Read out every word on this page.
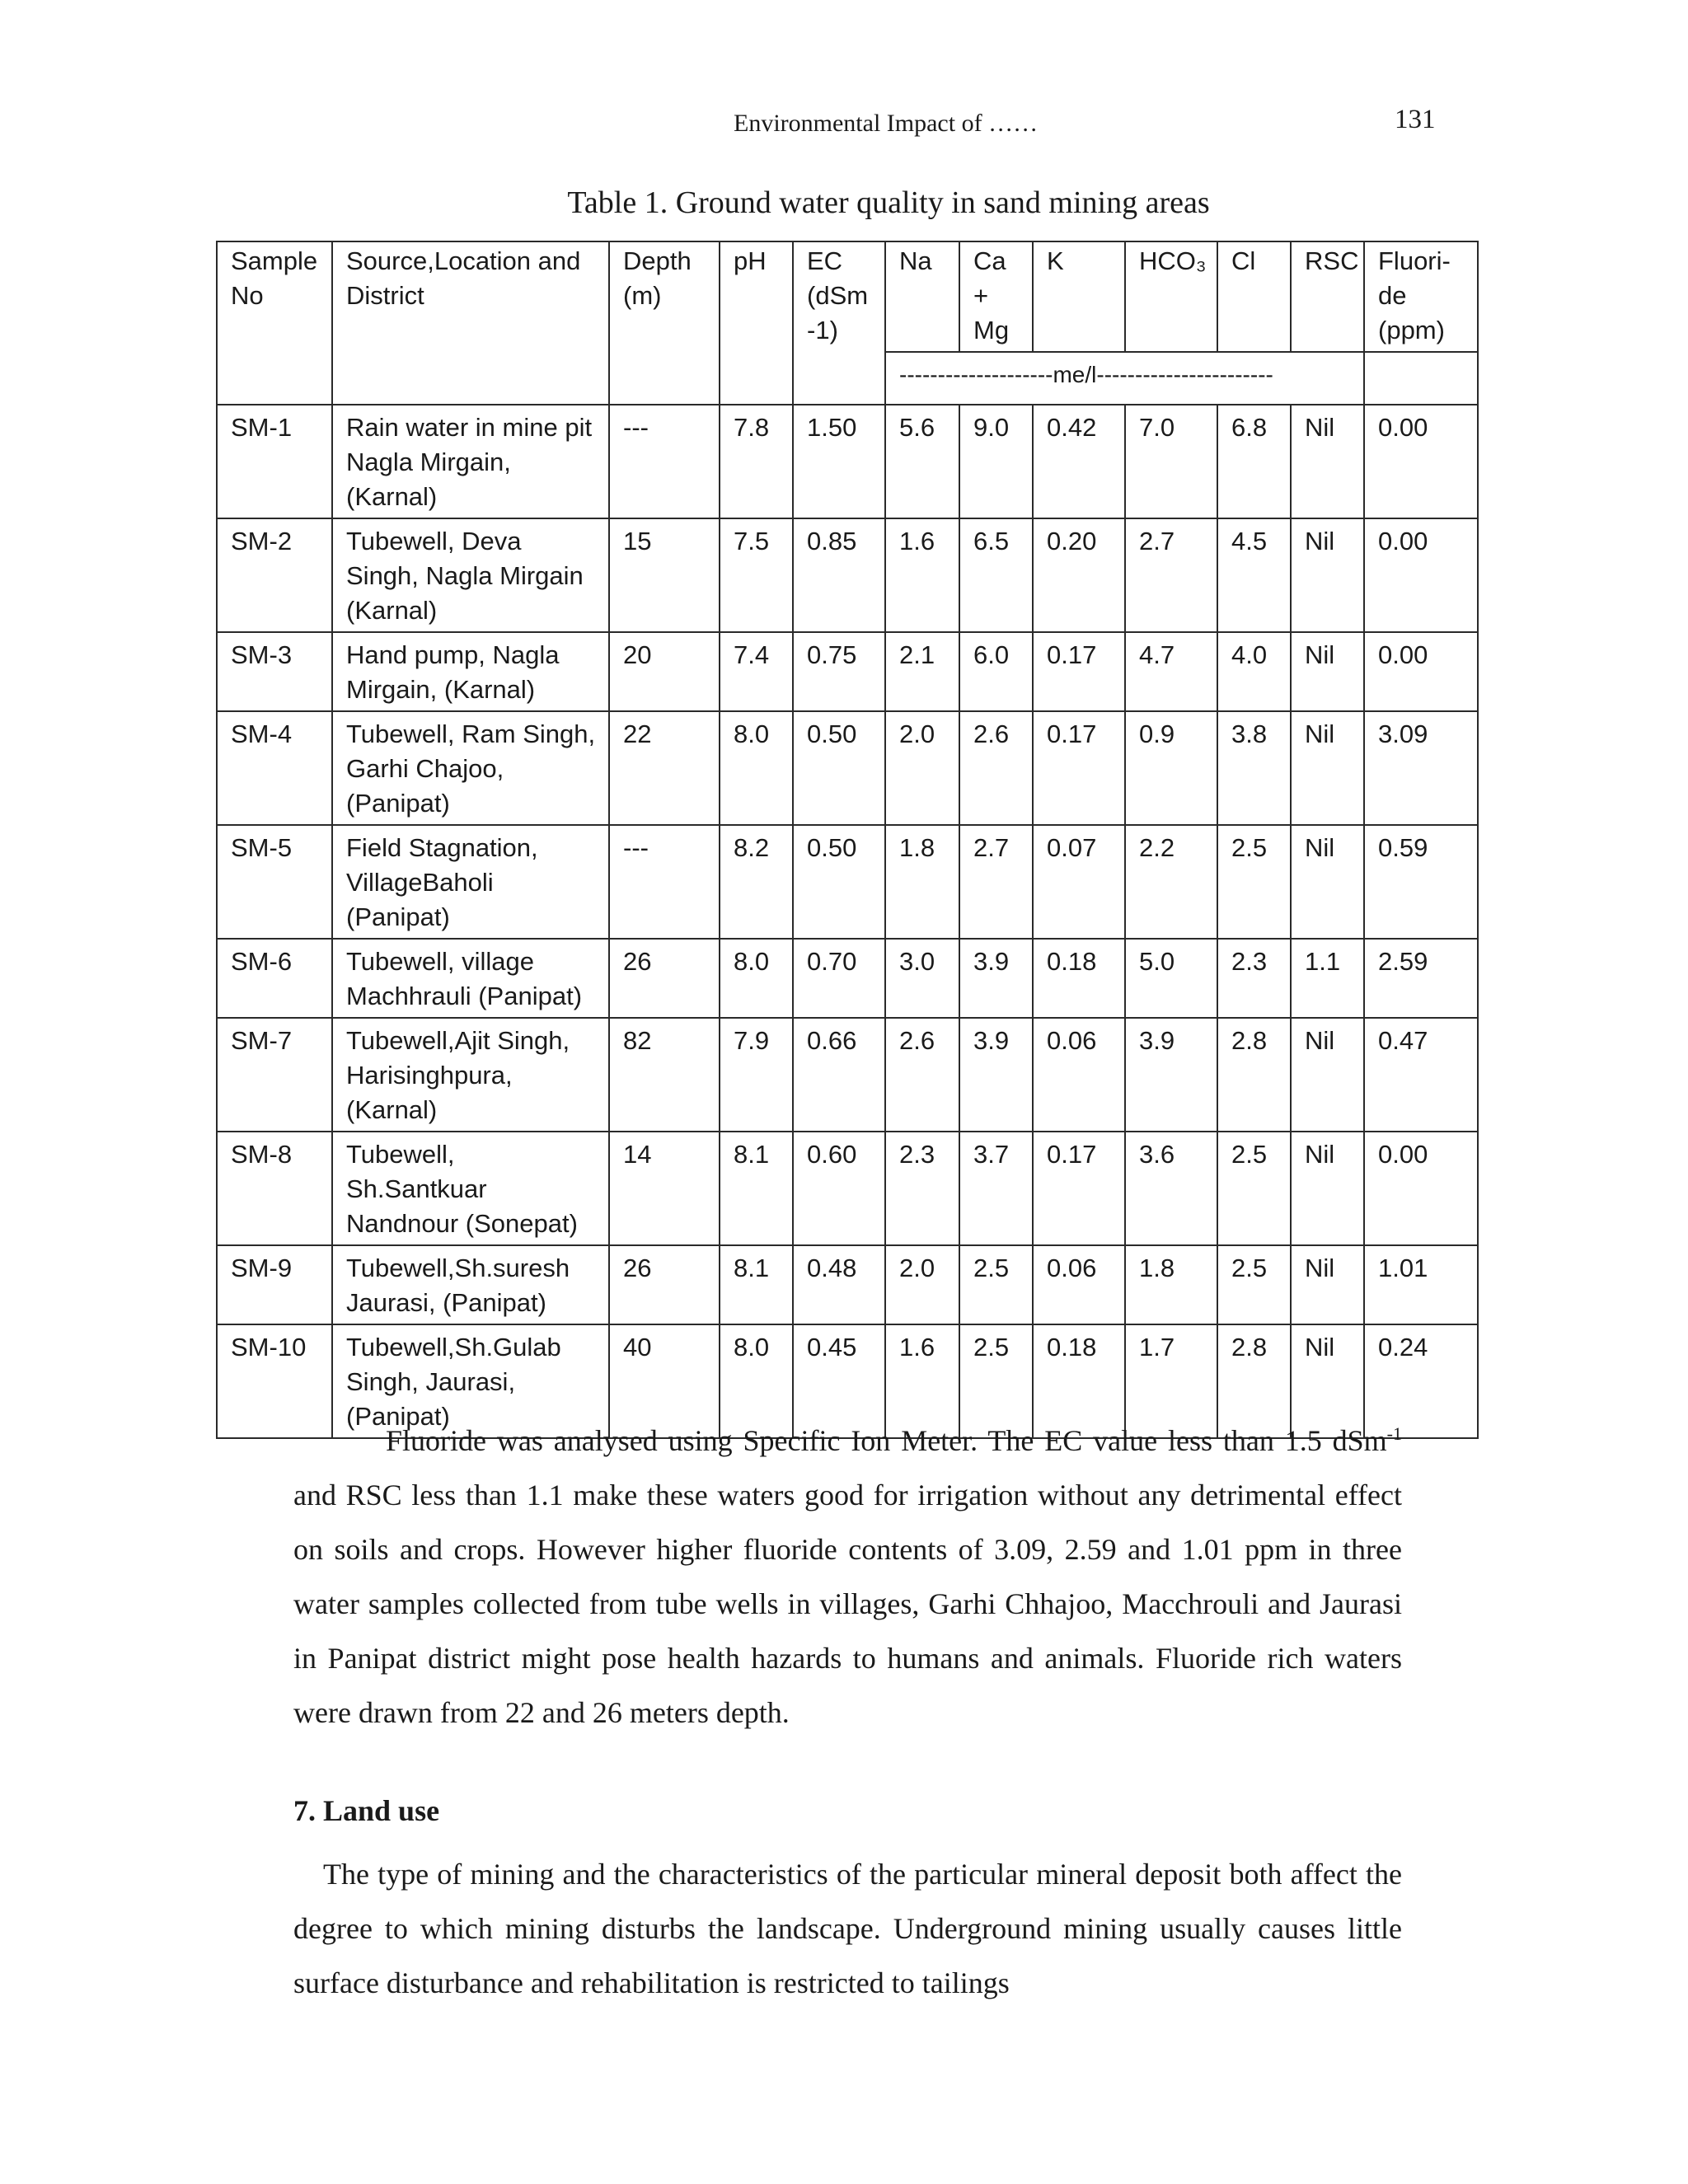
Environmental Impact of ……	131
Table 1. Ground water quality in sand mining areas
Sample No	Source,Location and District	Depth (m)	pH	EC (dSm -1)	Na	Ca + Mg	K	HCO₃	Cl	RSC	Fluori-de (ppm)
					--------------------me/l-----------------------						
SM-1	Rain water in mine pit Nagla Mirgain, (Karnal)	---	7.8	1.50	5.6	9.0	0.42	7.0	6.8	Nil	0.00
SM-2	Tubewell, Deva Singh, Nagla Mirgain (Karnal)	15	7.5	0.85	1.6	6.5	0.20	2.7	4.5	Nil	0.00
SM-3	Hand pump, Nagla Mirgain, (Karnal)	20	7.4	0.75	2.1	6.0	0.17	4.7	4.0	Nil	0.00
SM-4	Tubewell, Ram Singh, Garhi Chajoo, (Panipat)	22	8.0	0.50	2.0	2.6	0.17	0.9	3.8	Nil	3.09
SM-5	Field Stagnation, VillageBaholi (Panipat)	---	8.2	0.50	1.8	2.7	0.07	2.2	2.5	Nil	0.59
SM-6	Tubewell, village Machhrauli (Panipat)	26	8.0	0.70	3.0	3.9	0.18	5.0	2.3	1.1	2.59
SM-7	Tubewell,Ajit Singh, Harisinghpura, (Karnal)	82	7.9	0.66	2.6	3.9	0.06	3.9	2.8	Nil	0.47
SM-8	Tubewell, Sh.Santkuar Nandnour (Sonepat)	14	8.1	0.60	2.3	3.7	0.17	3.6	2.5	Nil	0.00
SM-9	Tubewell,Sh.suresh Jaurasi, (Panipat)	26	8.1	0.48	2.0	2.5	0.06	1.8	2.5	Nil	1.01
SM-10	Tubewell,Sh.Gulab Singh, Jaurasi,(Panipat)	40	8.0	0.45	1.6	2.5	0.18	1.7	2.8	Nil	0.24

Fluoride was analysed using Specific Ion Meter. The EC value less than 1.5 dSm$^{-1}$ and RSC less than 1.1 make these waters good for irrigation without any detrimental effect on soils and crops. However higher fluoride contents of 3.09, 2.59 and 1.01 ppm in three water samples collected from tube wells in villages, Garhi Chhajoo, Macchrouli and Jaurasi in Panipat district might pose health hazards to humans and animals. Fluoride rich waters were drawn from 22 and 26 meters depth.

7. Land use

The type of mining and the characteristics of the particular mineral deposit both affect the degree to which mining disturbs the landscape. Underground mining usually causes little surface disturbance and rehabilitation is restricted to tailings
